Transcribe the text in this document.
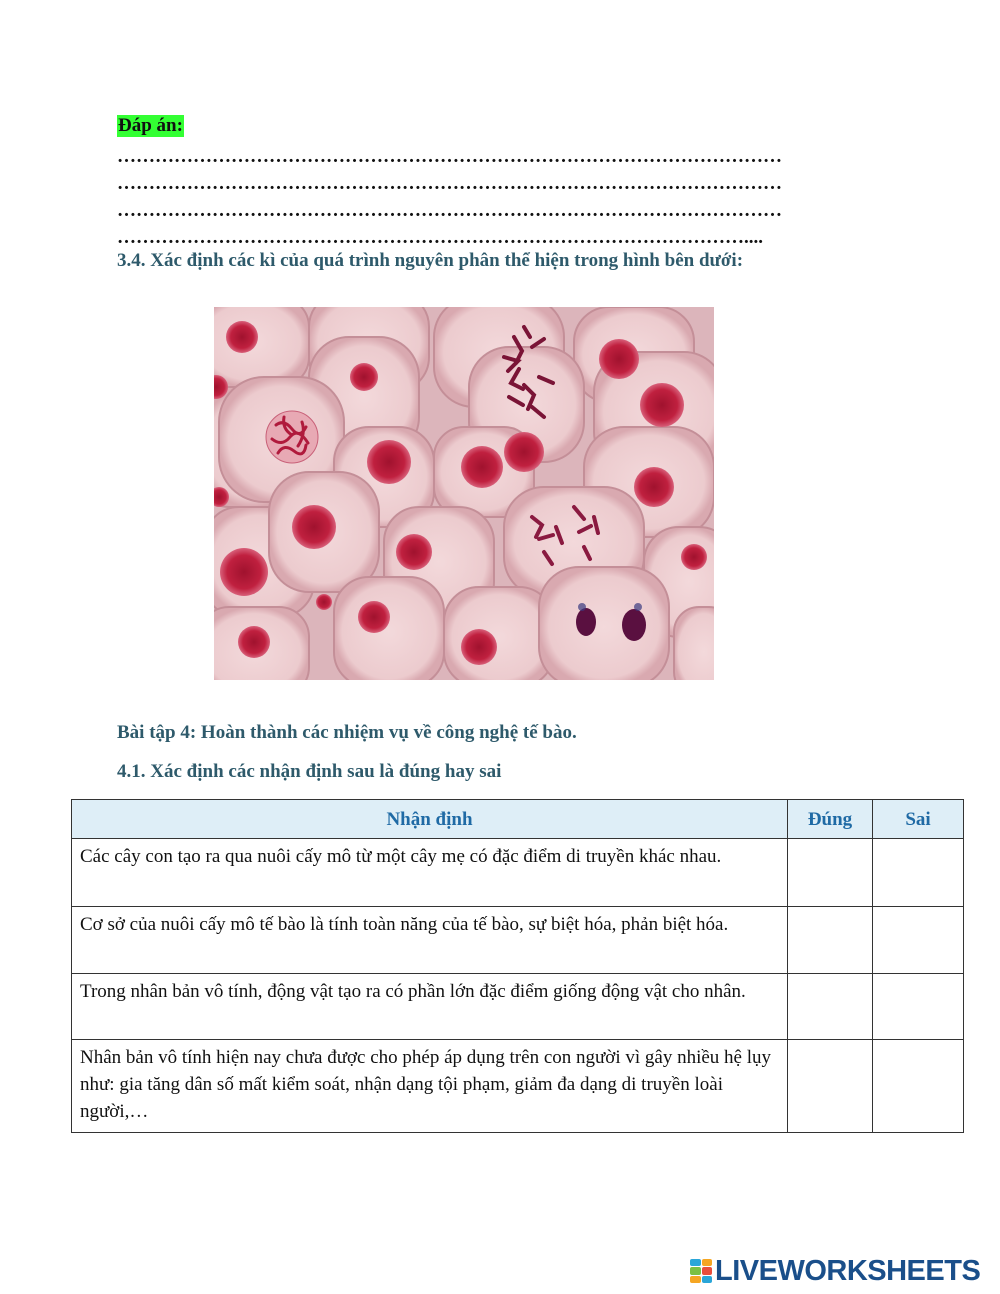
Đáp án:
……………………………………………………………………………………………
……………………………………………………………………………………………
……………………………………………………………………………………………
………………………………………………………………………………………....
3.4. Xác định các kì của quá trình nguyên phân thể hiện trong hình bên dưới:
Bài tập 4: Hoàn thành các nhiệm vụ về công nghệ tế bào.
4.1. Xác định các nhận định sau là đúng hay sai
Nhận định	Đúng	Sai
Các cây con tạo ra qua nuôi cấy mô từ một cây mẹ có đặc điểm di truyền khác nhau.		
Cơ sở của nuôi cấy mô tế bào là tính toàn năng của tế bào, sự biệt hóa, phản biệt hóa.		
Trong nhân bản vô tính, động vật tạo ra có phần lớn đặc điểm giống động vật cho nhân.		
Nhân bản vô tính hiện nay chưa được cho phép áp dụng trên con người vì gây nhiều hệ lụy như: gia tăng dân số mất kiểm soát, nhận dạng tội phạm, giảm đa dạng di truyền loài người,…		
LIVEWORKSHEETS
